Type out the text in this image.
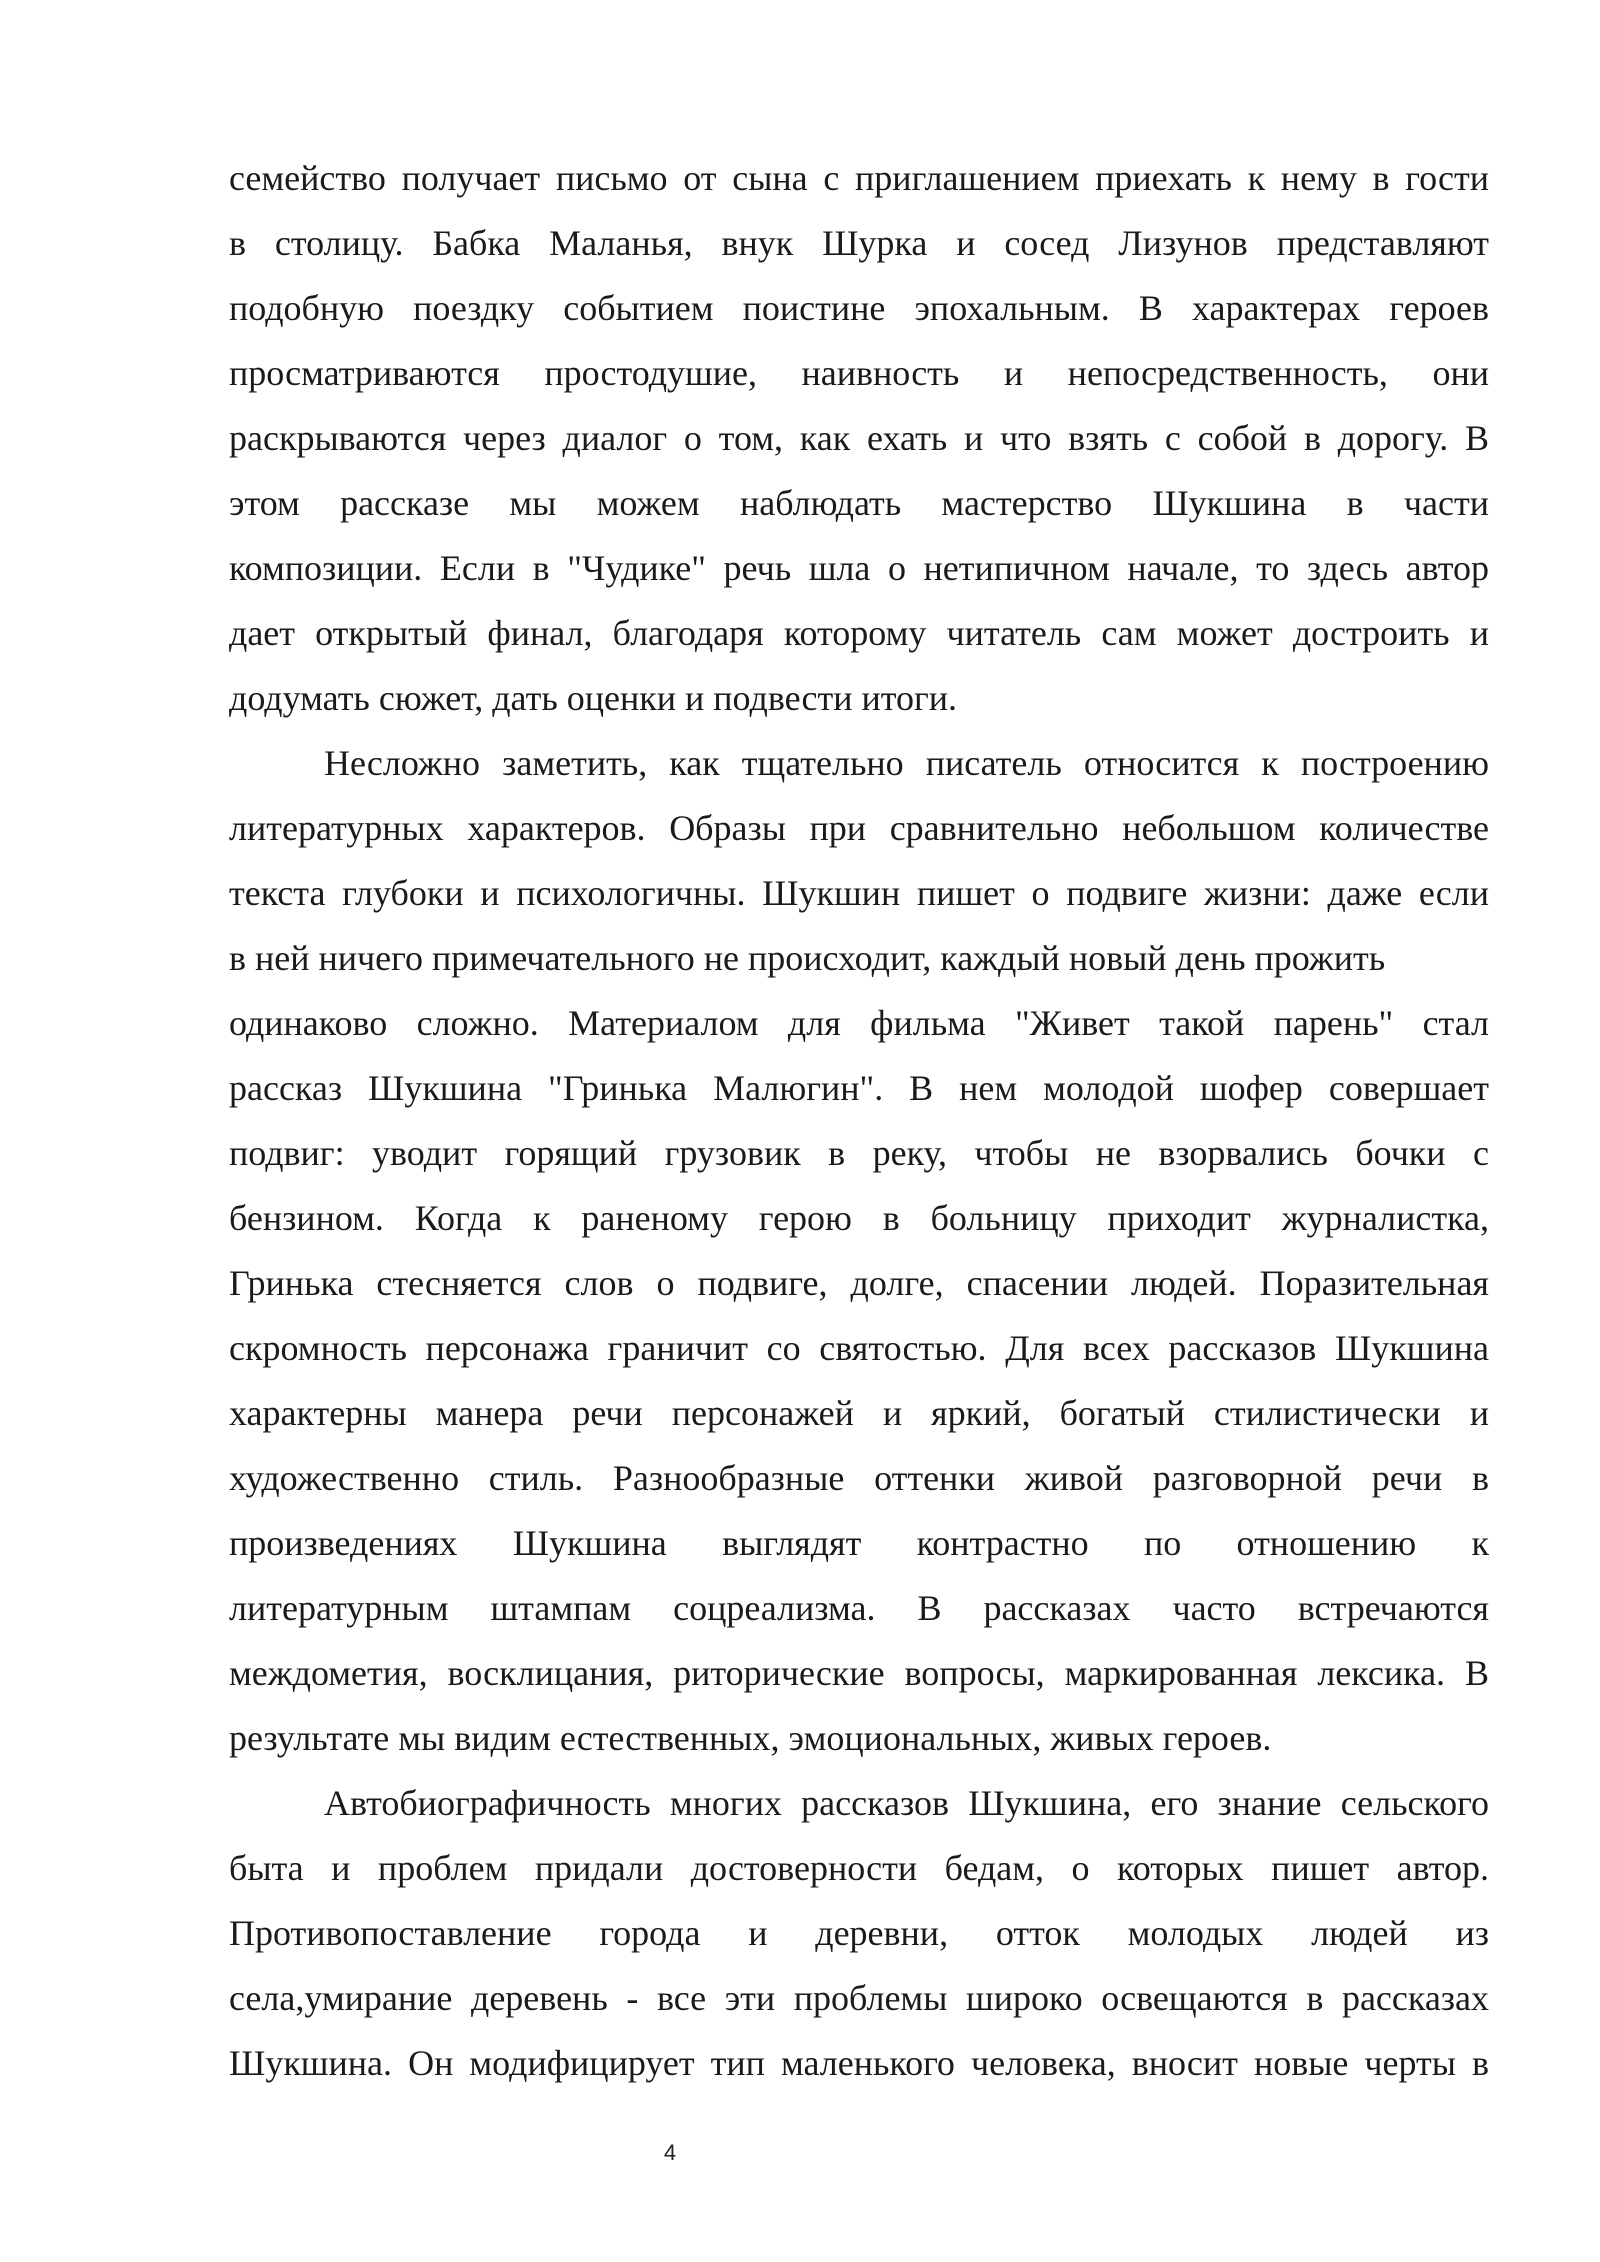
семейство получает письмо от сына с приглашением приехать к нему в гости
в столицу. Бабка Маланья, внук Шурка и сосед Лизунов представляют
подобную поездку событием поистине эпохальным. В характерах героев
просматриваются простодушие, наивность и непосредственность, они
раскрываются через диалог о том, как ехать и что взять с собой в дорогу. В
этом рассказе мы можем наблюдать мастерство Шукшина в части
композиции. Если в "Чудике" речь шла о нетипичном начале, то здесь автор
дает открытый финал, благодаря которому читатель сам может достроить и
додумать сюжет, дать оценки и подвести итоги.
Несложно заметить, как тщательно писатель относится к построению
литературных характеров. Образы при сравнительно небольшом количестве
текста глубоки и психологичны. Шукшин пишет о подвиге жизни: даже если
в ней ничего примечательного не происходит, каждый новый день прожить
одинаково сложно. Материалом для фильма "Живет такой парень" стал
рассказ Шукшина "Гринька Малюгин". В нем молодой шофер совершает
подвиг: уводит горящий грузовик в реку, чтобы не взорвались бочки с
бензином. Когда к раненому герою в больницу приходит журналистка,
Гринька стесняется слов о подвиге, долге, спасении людей. Поразительная
скромность персонажа граничит со святостью. Для всех рассказов Шукшина
характерны манера речи персонажей и яркий, богатый стилистически и
художественно стиль. Разнообразные оттенки живой разговорной речи в
произведениях Шукшина выглядят контрастно по отношению к
литературным штампам соцреализма. В рассказах часто встречаются
междометия, восклицания, риторические вопросы, маркированная лексика. В
результате мы видим естественных, эмоциональных, живых героев.
Автобиографичность многих рассказов Шукшина, его знание сельского
быта и проблем придали достоверности бедам, о которых пишет автор.
Противопоставление города и деревни, отток молодых людей из
села,умирание деревень - все эти проблемы широко освещаются в рассказах
Шукшина. Он модифицирует тип маленького человека, вносит новые черты в
4
